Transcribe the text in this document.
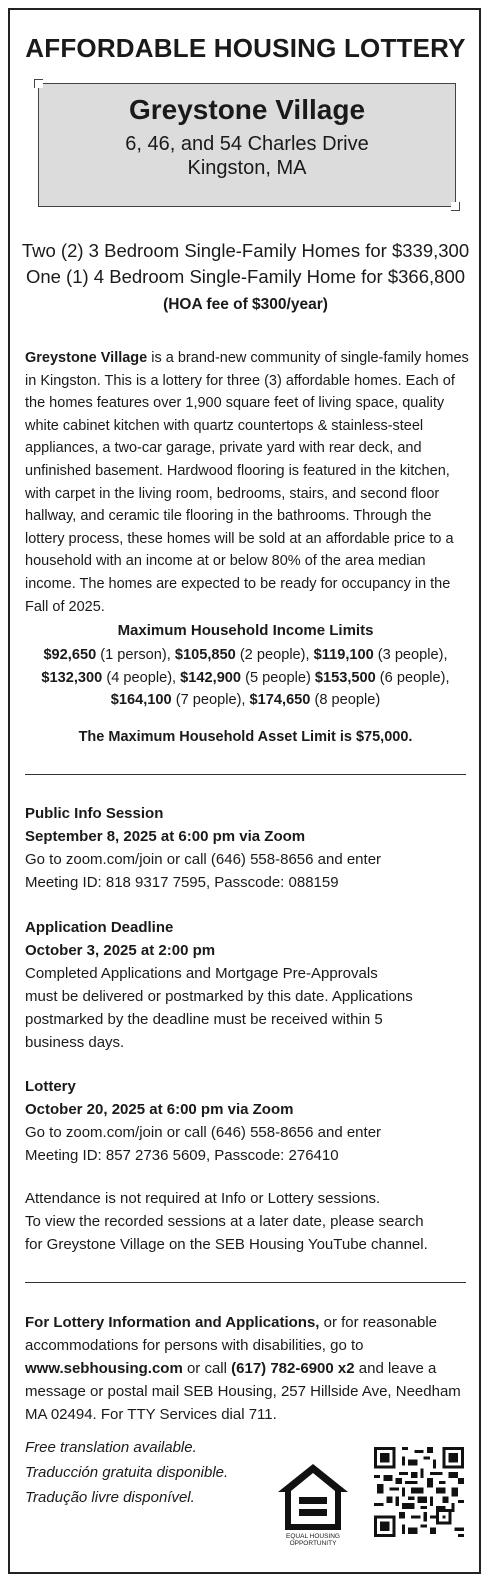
AFFORDABLE HOUSING LOTTERY
Greystone Village
6, 46, and 54 Charles Drive
Kingston, MA
Two (2) 3 Bedroom Single-Family Homes for $339,300
One (1) 4 Bedroom Single-Family Home for $366,800
(HOA fee of $300/year)
Greystone Village is a brand-new community of single-family homes in Kingston. This is a lottery for three (3) affordable homes. Each of the homes features over 1,900 square feet of living space, quality white cabinet kitchen with quartz countertops & stainless-steel appliances, a two-car garage, private yard with rear deck, and unfinished basement. Hardwood flooring is featured in the kitchen, with carpet in the living room, bedrooms, stairs, and second floor hallway, and ceramic tile flooring in the bathrooms. Through the lottery process, these homes will be sold at an affordable price to a household with an income at or below 80% of the area median income. The homes are expected to be ready for occupancy in the Fall of 2025.
Maximum Household Income Limits
$92,650 (1 person), $105,850 (2 people), $119,100 (3 people),
$132,300 (4 people), $142,900 (5 people) $153,500 (6 people),
$164,100 (7 people), $174,650 (8 people)
The Maximum Household Asset Limit is $75,000.
Public Info Session
September 8, 2025 at 6:00 pm via Zoom
Go to zoom.com/join or call (646) 558-8656 and enter
Meeting ID: 818 9317 7595, Passcode: 088159
Application Deadline
October 3, 2025 at 2:00 pm
Completed Applications and Mortgage Pre-Approvals
must be delivered or postmarked by this date. Applications
postmarked by the deadline must be received within 5
business days.
Lottery
October 20, 2025 at 6:00 pm via Zoom
Go to zoom.com/join or call (646) 558-8656 and enter
Meeting ID: 857 2736 5609, Passcode: 276410
Attendance is not required at Info or Lottery sessions.
To view the recorded sessions at a later date, please search
for Greystone Village on the SEB Housing YouTube channel.
For Lottery Information and Applications, or for reasonable accommodations for persons with disabilities, go to www.sebhousing.com or call (617) 782-6900 x2 and leave a message or postal mail SEB Housing, 257 Hillside Ave, Needham MA 02494. For TTY Services dial 711.
Free translation available.
Traducción gratuita disponible.
Tradução livre disponível.
EQUAL HOUSING
OPPORTUNITY
